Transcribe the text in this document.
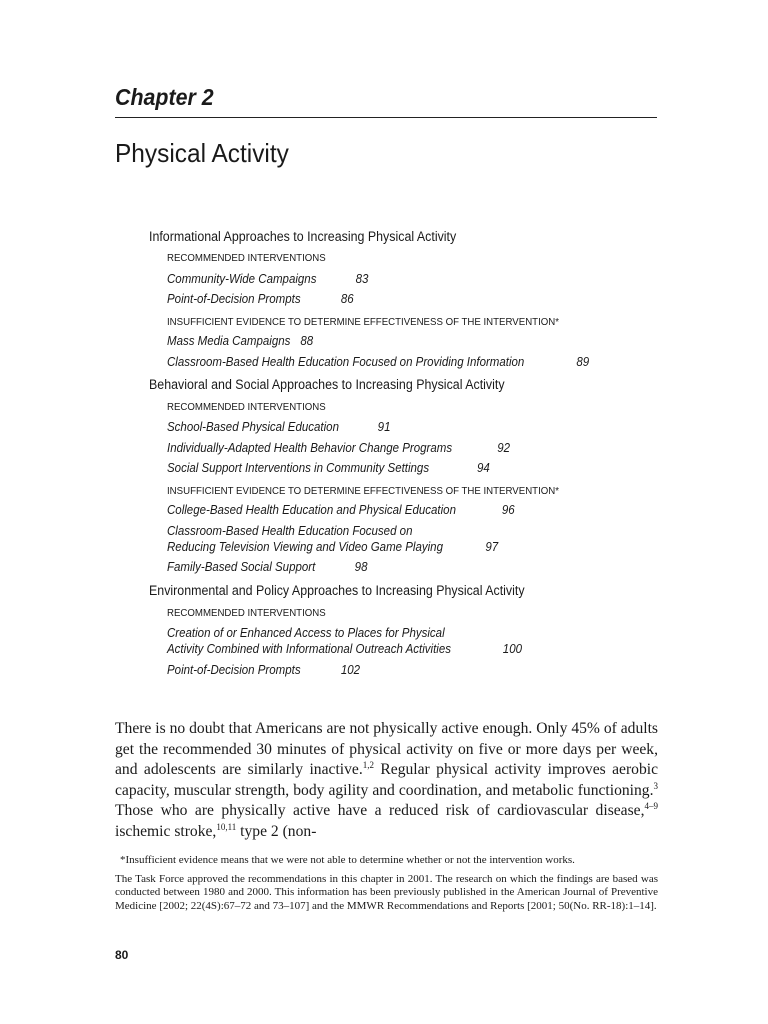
Chapter 2
Physical Activity
Informational Approaches to Increasing Physical Activity
RECOMMENDED INTERVENTIONS
Community-Wide Campaigns	83
Point-of-Decision Prompts	86
INSUFFICIENT EVIDENCE TO DETERMINE EFFECTIVENESS OF THE INTERVENTION*
Mass Media Campaigns 88
Classroom-Based Health Education Focused on Providing Information	89
Behavioral and Social Approaches to Increasing Physical Activity
RECOMMENDED INTERVENTIONS
School-Based Physical Education	91
Individually-Adapted Health Behavior Change Programs	92
Social Support Interventions in Community Settings	94
INSUFFICIENT EVIDENCE TO DETERMINE EFFECTIVENESS OF THE INTERVENTION*
College-Based Health Education and Physical Education	96
Classroom-Based Health Education Focused on
Reducing Television Viewing and Video Game Playing	97
Family-Based Social Support	98
Environmental and Policy Approaches to Increasing Physical Activity
RECOMMENDED INTERVENTIONS
Creation of or Enhanced Access to Places for Physical
Activity Combined with Informational Outreach Activities	100
Point-of-Decision Prompts	102
There is no doubt that Americans are not physically active enough. Only 45% of adults get the recommended 30 minutes of physical activity on five or more days per week, and adolescents are similarly inactive.$^{1,2}$ Regular physical activity improves aerobic capacity, muscular strength, body agility and coordination, and metabolic functioning.$^3$ Those who are physically active have a reduced risk of cardiovascular disease,$^{4-9}$ ischemic stroke,$^{10,11}$ type 2 (non-
*Insufficient evidence means that we were not able to determine whether or not the intervention works.
The Task Force approved the recommendations in this chapter in 2001. The research on which the findings are based was conducted between 1980 and 2000. This information has been previously published in the American Journal of Preventive Medicine [2002; 22(4S):67–72 and 73–107] and the MMWR Recommendations and Reports [2001; 50(No. RR-18):1–14].
80
